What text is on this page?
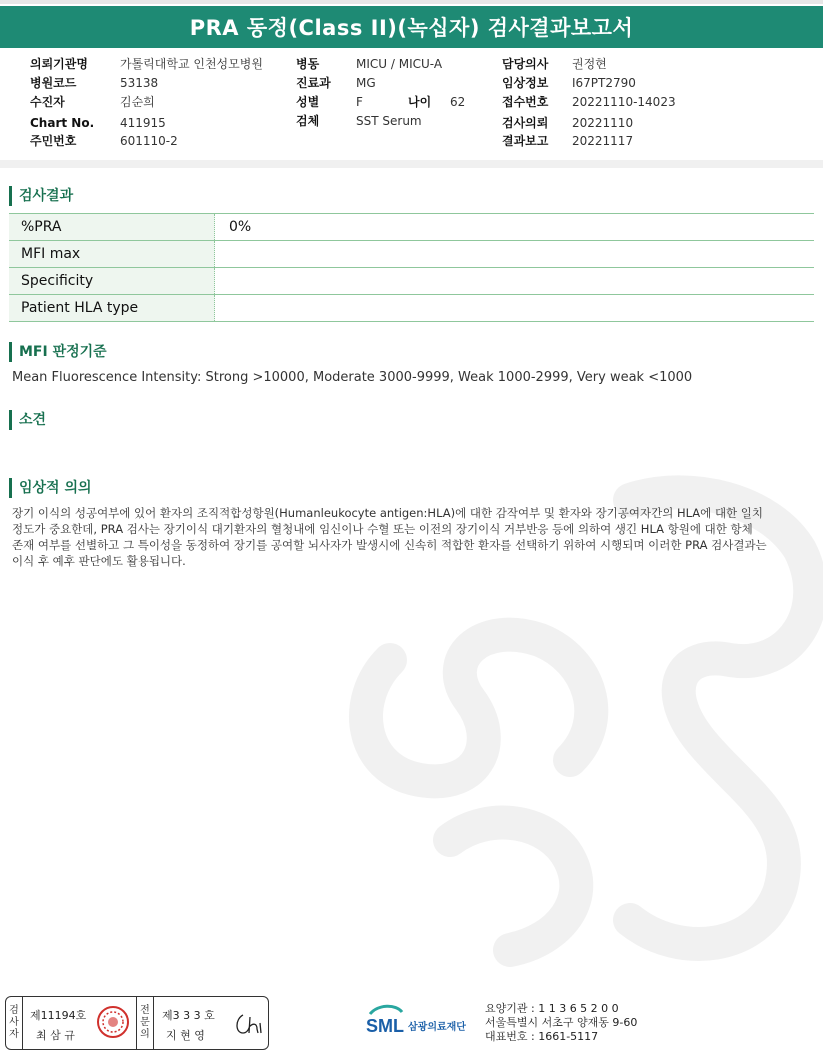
PRA 동정(Class II)(녹십자) 검사결과보고서
의뢰기관명	가톨릭대학교 인천성모병원
병원코드	53138
수진자	김순희
Chart No. 411915
주민번호	601110-2
병동	MICU / MICU-A
진료과 MG
성별	F	나이 62
검체	SST Serum
담당의사 권정현
임상정보 I67PT2790
접수번호 20221110-14023
검사의뢰 20221110
결과보고 20221117
검사결과
%PRA	0%
MFI max	
Specificity	
Patient HLA type	
MFI 판정기준
Mean Fluorescence Intensity: Strong >10000, Moderate 3000-9999, Weak 1000-2999, Very weak <1000
소견
임상적 의의

장기 이식의 성공여부에 있어 환자의 조직적합성항원(Humanleukocyte antigen:HLA)에 대한 감작여부 및 환자와 장기공여자간의 HLA에 대한 일치

정도가 중요한데, PRA 검사는 장기이식 대기환자의 혈청내에 임신이나 수혈 또는 이전의 장기이식 거부반응 등에 의하여 생긴 HLA 항원에 대한 항체

존재 여부를 선별하고 그 특이성을 동정하여 장기를 공여할 뇌사자가 발생시에 신속히 적합한 환자를 선택하기 위하여 시행되며 이러한 PRA 검사결과는

이식 후 예후 판단에도 활용됩니다.

검
사
자
제11194호
최 삼 규
전
문
의
제3 3 3 호
지 현 영	SML 삼광의료재단
요양기관 : 1 1 3 6 5 2 0 0
서울특별시 서초구 양재동 9-60
대표번호 : 1661-5117
